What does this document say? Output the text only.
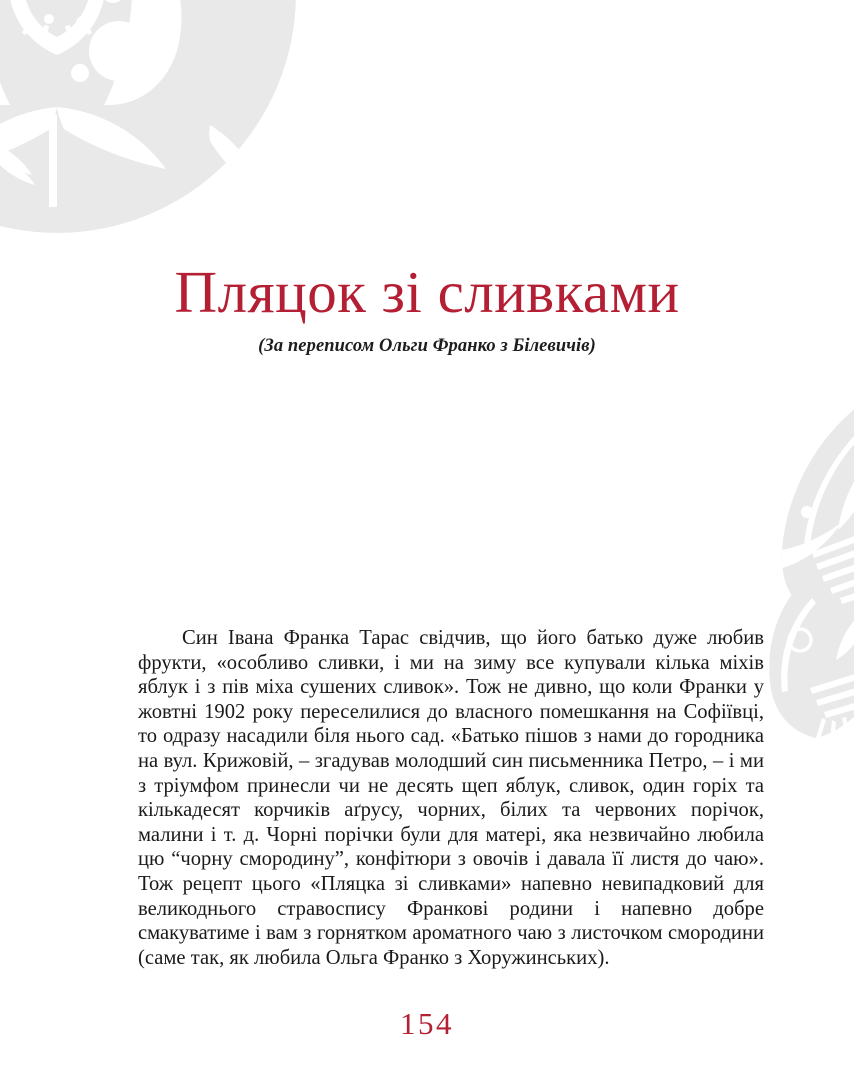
Пляцок зі сливками
(За переписом Ольги Франко з Білевичів)

Син Івана Франка Тарас свідчив, що його батько дуже любив фрукти, «особливо сливки, і ми на зиму все купували кілька міхів яблук і з пів міха сушених сливок». Тож не дивно, що коли Франки у жовтні 1902 року переселилися до власного помешкання на Софіївці, то одразу насадили біля нього сад. «Батько пішов з нами до городника на вул. Крижовій, – згадував молодший син письменника Петро, – і ми з тріумфом принесли чи не десять щеп яблук, сливок, один горіх та кількадесят корчиків аґрусу, чорних, білих та червоних порічок, малини і т. д. Чорні порічки були для матері, яка незвичайно любила цю “чорну смородину”, конфітюри з овочів і давала її листя до чаю». Тож рецепт цього «Пляцка зі сливками» напевно невипадковий для великоднього стравоспису Франкові родини і напевно добре смакуватиме і вам з горнятком ароматного чаю з листочком смородини (саме так, як любила Ольга Франко з Хоружинських).

154
